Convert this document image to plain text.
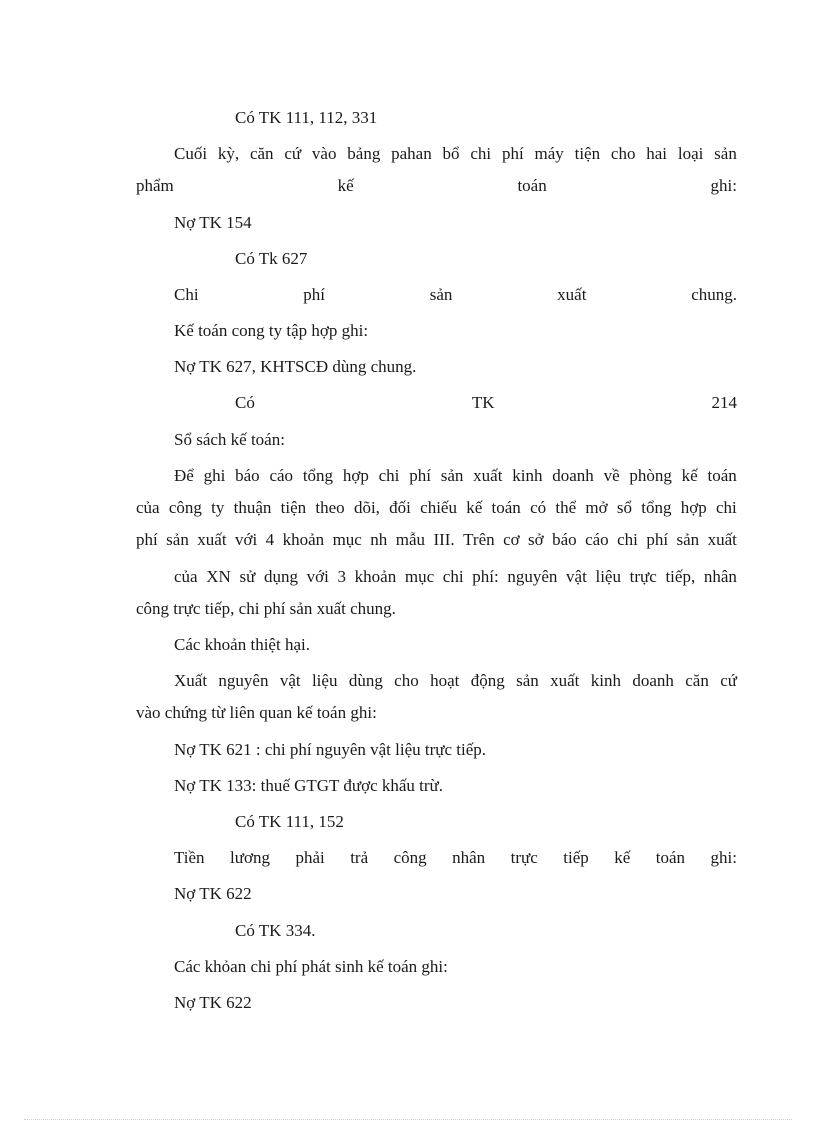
Có TK 111, 112, 331
Cuối kỳ, căn cứ vào bảng pahan bổ chi phí máy tiện cho hai loại sản
phẩm	kế	toán	ghi:
Nợ TK 154
Có Tk 627
Chi	phí	sản	xuất	chung.
Kế toán cong ty tập hợp ghi:
Nợ TK 627, KHTSCĐ dùng chung.
Có	TK	214
Sổ sách kế toán:
Để ghi báo cáo tổng hợp chi phí sản xuất kinh doanh về phòng kế toán
của công ty thuận tiện theo dõi, đối chiếu kế toán có thể mở sổ tổng hợp chi
phí sản xuất với 4 khoản mục nh mẫu III. Trên cơ sở báo cáo chi phí sản xuất
của XN sử dụng với 3 khoản mục chi phí: nguyên vật liệu trực tiếp, nhân
công trực tiếp, chi phí sản xuất chung.
Các khoản thiệt hại.
Xuất nguyên vật liệu dùng cho hoạt động sản xuất kinh doanh căn cứ
vào chứng từ liên quan kế toán ghi:
Nợ TK 621 : chi phí nguyên vật liệu trực tiếp.
Nợ TK 133: thuế GTGT được khấu trừ.
Có TK 111, 152
Tiền lương phải trả công nhân trực tiếp kế toán ghi:
Nợ TK 622
Có TK 334.
Các khỏan chi phí phát sinh kế toán ghi:
Nợ TK 622
